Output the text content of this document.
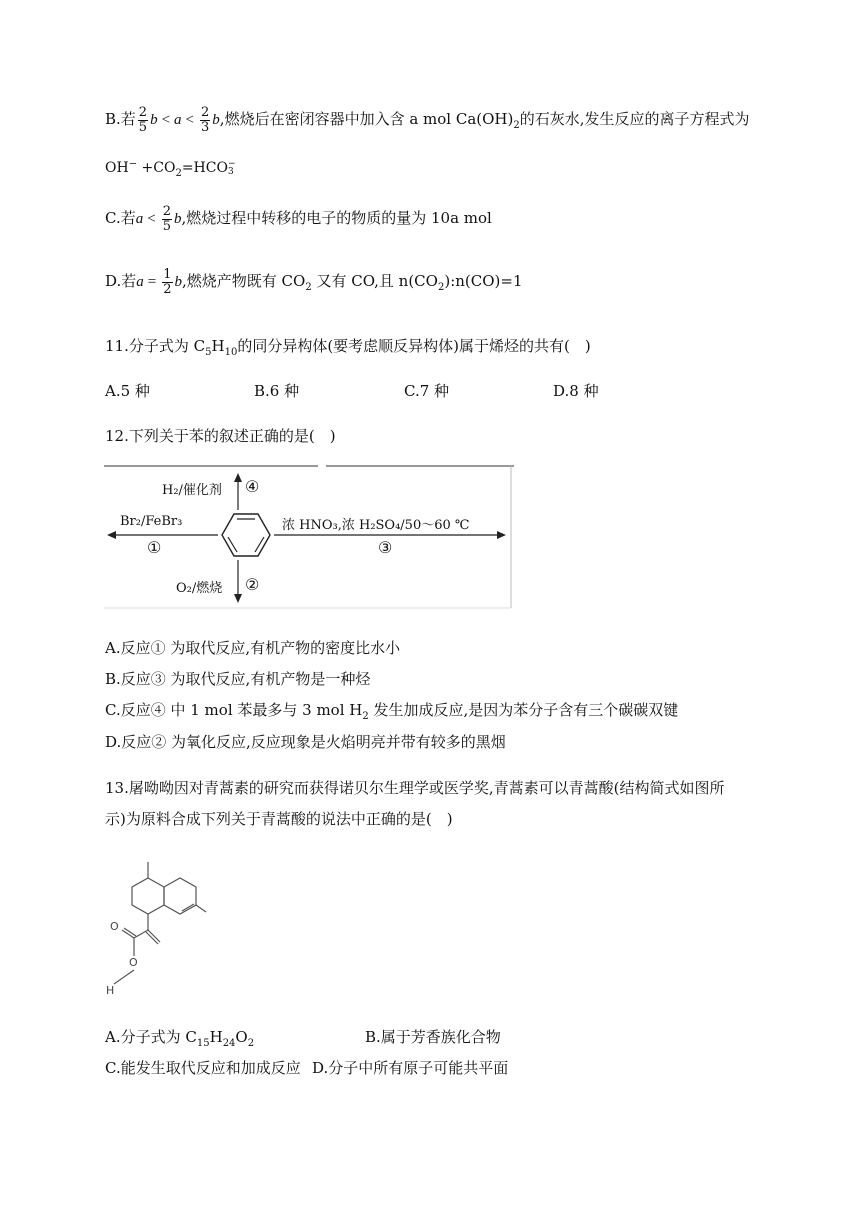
B.若 $\frac{2}{5}$ $b < a < \frac{2}{3} b$,燃烧后在密闭容器中加入含 a mol $Ca(OH)_2$的石灰水,发生反应的离子方程式为
$OH^- +CO_2=HCO$ −
3
C.若$a < \frac{2}{5} b$,燃烧过程中转移的电子的物质的量为 10a mol
D.若$a = \frac{1}{2} b$,燃烧产物既有 $CO_2$ 又有 CO,且 $n(CO_2):n(CO)=1$
11.分子式为 $C_5H_{10}$的同分异构体(要考虑顺反异构体)属于烯烃的共有(　)
A.5 种	B.6 种	C.7 种	D.8 种
12.下列关于苯的叙述正确的是(　)
H₂/催化剂 ④
Br₂/FeBr₃
①
浓 HNO₃,浓 H₂SO₄/50～60 ℃
③
O₂/燃烧 ②
A.反应① 为取代反应,有机产物的密度比水小
B.反应③ 为取代反应,有机产物是一种烃
C.反应④ 中 1 mol 苯最多与 3 mol $H_2$ 发生加成反应,是因为苯分子含有三个碳碳双键
D.反应② 为氧化反应,反应现象是火焰明亮并带有较多的黑烟
13.屠呦呦因对青蒿素的研究而获得诺贝尔生理学或医学奖,青蒿素可以青蒿酸(结构简式如图所
示)为原料合成下列关于青蒿酸的说法中正确的是(　)
O
O
H
A.分子式为 $C_{15}H_{24}O_2$	B.属于芳香族化合物
C.能发生取代反应和加成反应 D.分子中所有原子可能共平面
